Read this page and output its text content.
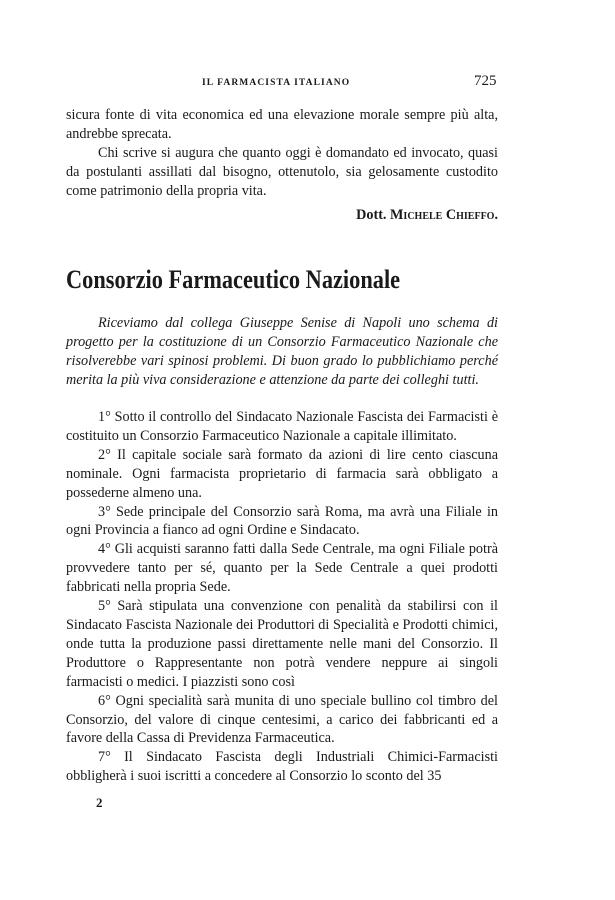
IL FARMACISTA ITALIANO	725

sicura fonte di vita economica ed una elevazione morale sempre più alta, andrebbe sprecata.

Chi scrive si augura che quanto oggi è domandato ed invocato, quasi da postulanti assillati dal bisogno, ottenutolo, sia gelosamente custodito come patrimonio della propria vita.

Dott. Michele Chieffo.
Consorzio Farmaceutico Nazionale

Riceviamo dal collega Giuseppe Senise di Napoli uno schema di progetto per la costituzione di un Consorzio Farmaceutico Nazionale che risolverebbe vari spinosi problemi. Di buon grado lo pubblichiamo perché merita la più viva considerazione e attenzione da parte dei colleghi tutti.

1° Sotto il controllo del Sindacato Nazionale Fascista dei Farmacisti è costituito un Consorzio Farmaceutico Nazionale a capitale illimitato.

2° Il capitale sociale sarà formato da azioni di lire cento ciascuna nominale. Ogni farmacista proprietario di farmacia sarà obbligato a possederne almeno una.

3° Sede principale del Consorzio sarà Roma, ma avrà una Filiale in ogni Provincia a fianco ad ogni Ordine e Sindacato.

4° Gli acquisti saranno fatti dalla Sede Centrale, ma ogni Filiale potrà provvedere tanto per sé, quanto per la Sede Centrale a quei prodotti fabbricati nella propria Sede.

5° Sarà stipulata una convenzione con penalità da stabilirsi con il Sindacato Fascista Nazionale dei Produttori di Specialità e Prodotti chimici, onde tutta la produzione passi direttamente nelle mani del Consorzio. Il Produttore o Rappresentante non potrà vendere neppure ai singoli farmacisti o medici. I piazzisti sono così

6° Ogni specialità sarà munita di uno speciale bullino col timbro del Consorzio, del valore di cinque centesimi, a carico dei fabbricanti ed a favore della Cassa di Previdenza Farmaceutica.

7° Il Sindacato Fascista degli Industriali Chimici-Farmacisti obbligherà i suoi iscritti a concedere al Consorzio lo sconto del 35

2
